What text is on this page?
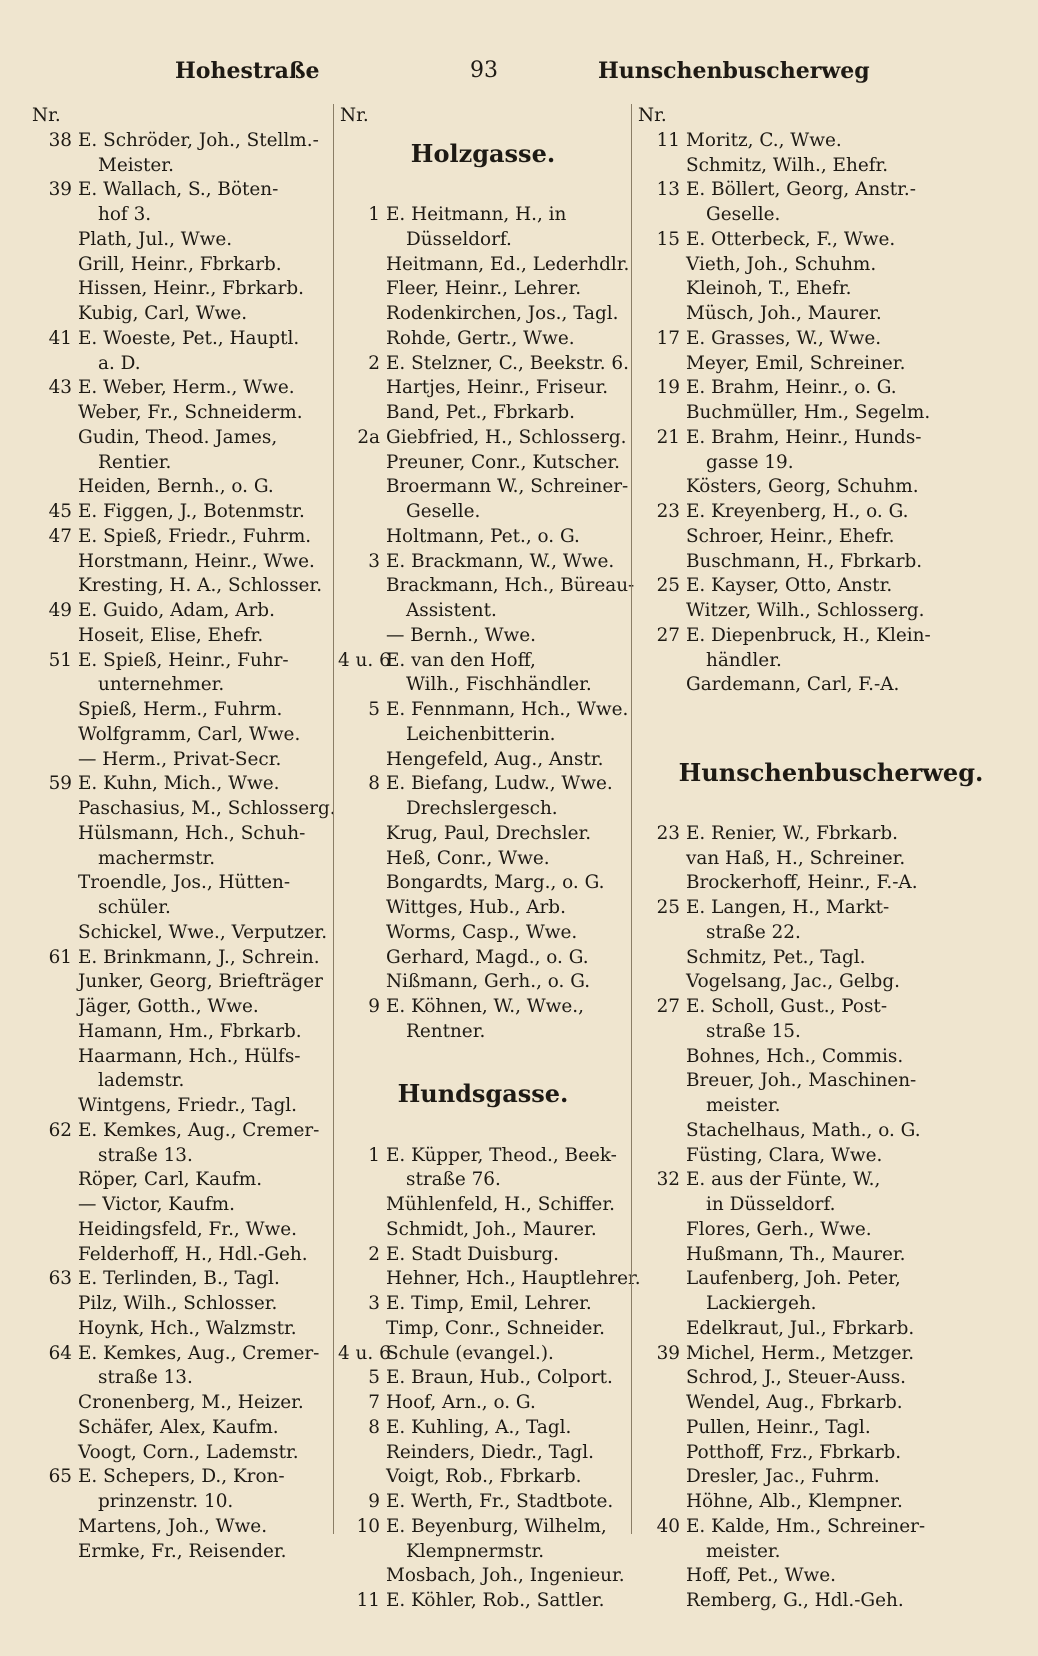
Hohestraße	93	Hunschenbuscherweg
Nr.
38 E. Schröder, Joh., Stellm.-
Meister.
39 E. Wallach, S., Böten-
hof 3.
Plath, Jul., Wwe.
Grill, Heinr., Fbrkarb.
Hissen, Heinr., Fbrkarb.
Kubig, Carl, Wwe.
41 E. Woeste, Pet., Hauptl.
a. D.
43 E. Weber, Herm., Wwe.
Weber, Fr., Schneiderm.
Gudin, Theod. James,
Rentier.
Heiden, Bernh., o. G.
45 E. Figgen, J., Botenmstr.
47 E. Spieß, Friedr., Fuhrm.
Horstmann, Heinr., Wwe.
Kresting, H. A., Schlosser.
49 E. Guido, Adam, Arb.
Hoseit, Elise, Ehefr.
51 E. Spieß, Heinr., Fuhr-
unternehmer.
Spieß, Herm., Fuhrm.
Wolfgramm, Carl, Wwe.
— Herm., Privat-Secr.
59 E. Kuhn, Mich., Wwe.
Paschasius, M., Schlosserg.
Hülsmann, Hch., Schuh-
machermstr.
Troendle, Jos., Hütten-
schüler.
Schickel, Wwe., Verputzer.
61 E. Brinkmann, J., Schrein.
Junker, Georg, Briefträger
Jäger, Gotth., Wwe.
Hamann, Hm., Fbrkarb.
Haarmann, Hch., Hülfs-
lademstr.
Wintgens, Friedr., Tagl.
62 E. Kemkes, Aug., Cremer-
straße 13.
Röper, Carl, Kaufm.
— Victor, Kaufm.
Heidingsfeld, Fr., Wwe.
Felderhoff, H., Hdl.-Geh.
63 E. Terlinden, B., Tagl.
Pilz, Wilh., Schlosser.
Hoynk, Hch., Walzmstr.
64 E. Kemkes, Aug., Cremer-
straße 13.
Cronenberg, M., Heizer.
Schäfer, Alex, Kaufm.
Voogt, Corn., Lademstr.
65 E. Schepers, D., Kron-
prinzenstr. 10.
Martens, Joh., Wwe.
Ermke, Fr., Reisender.
Nr.
Holzgasse.
1 E. Heitmann, H., in
Düsseldorf.
Heitmann, Ed., Lederhdlr.
Fleer, Heinr., Lehrer.
Rodenkirchen, Jos., Tagl.
Rohde, Gertr., Wwe.
2 E. Stelzner, C., Beekstr. 6.
Hartjes, Heinr., Friseur.
Band, Pet., Fbrkarb.
2a Giebfried, H., Schlosserg.
Preuner, Conr., Kutscher.
Broermann W., Schreiner-
Geselle.
Holtmann, Pet., o. G.
3 E. Brackmann, W., Wwe.
Brackmann, Hch., Büreau-
Assistent.
— Bernh., Wwe.
4 u. 6
E. van den Hoff,
Wilh., Fischhändler.
5 E. Fennmann, Hch., Wwe.
Leichenbitterin.
Hengefeld, Aug., Anstr.
8 E. Biefang, Ludw., Wwe.
Drechslergesch.
Krug, Paul, Drechsler.
Heß, Conr., Wwe.
Bongardts, Marg., o. G.
Wittges, Hub., Arb.
Worms, Casp., Wwe.
Gerhard, Magd., o. G.
Nißmann, Gerh., o. G.
9 E. Köhnen, W., Wwe.,
Rentner.
Hundsgasse.
1 E. Küpper, Theod., Beek-
straße 76.
Mühlenfeld, H., Schiffer.
Schmidt, Joh., Maurer.
2 E. Stadt Duisburg.
Hehner, Hch., Hauptlehrer.
3 E. Timp, Emil, Lehrer.
Timp, Conr., Schneider.
4 u. 6
Schule (evangel.).
5 E. Braun, Hub., Colport.
7 Hoof, Arn., o. G.
8 E. Kuhling, A., Tagl.
Reinders, Diedr., Tagl.
Voigt, Rob., Fbrkarb.
9 E. Werth, Fr., Stadtbote.
10 E. Beyenburg, Wilhelm,
Klempnermstr.
Mosbach, Joh., Ingenieur.
11 E. Köhler, Rob., Sattler.
Nr.
11 Moritz, C., Wwe.
Schmitz, Wilh., Ehefr.
13 E. Böllert, Georg, Anstr.-
Geselle.
15 E. Otterbeck, F., Wwe.
Vieth, Joh., Schuhm.
Kleinoh, T., Ehefr.
Müsch, Joh., Maurer.
17 E. Grasses, W., Wwe.
Meyer, Emil, Schreiner.
19 E. Brahm, Heinr., o. G.
Buchmüller, Hm., Segelm.
21 E. Brahm, Heinr., Hunds-
gasse 19.
Kösters, Georg, Schuhm.
23 E. Kreyenberg, H., o. G.
Schroer, Heinr., Ehefr.
Buschmann, H., Fbrkarb.
25 E. Kayser, Otto, Anstr.
Witzer, Wilh., Schlosserg.
27 E. Diepenbruck, H., Klein-
händler.
Gardemann, Carl, F.-A.
Hunschenbuscherweg.
23 E. Renier, W., Fbrkarb.
van Haß, H., Schreiner.
Brockerhoff, Heinr., F.-A.
25 E. Langen, H., Markt-
straße 22.
Schmitz, Pet., Tagl.
Vogelsang, Jac., Gelbg.
27 E. Scholl, Gust., Post-
straße 15.
Bohnes, Hch., Commis.
Breuer, Joh., Maschinen-
meister.
Stachelhaus, Math., o. G.
Füsting, Clara, Wwe.
32 E. aus der Fünte, W.,
in Düsseldorf.
Flores, Gerh., Wwe.
Hußmann, Th., Maurer.
Laufenberg, Joh. Peter,
Lackiergeh.
Edelkraut, Jul., Fbrkarb.
39 Michel, Herm., Metzger.
Schrod, J., Steuer-Auss.
Wendel, Aug., Fbrkarb.
Pullen, Heinr., Tagl.
Potthoff, Frz., Fbrkarb.
Dresler, Jac., Fuhrm.
Höhne, Alb., Klempner.
40 E. Kalde, Hm., Schreiner-
meister.
Hoff, Pet., Wwe.
Remberg, G., Hdl.-Geh.
